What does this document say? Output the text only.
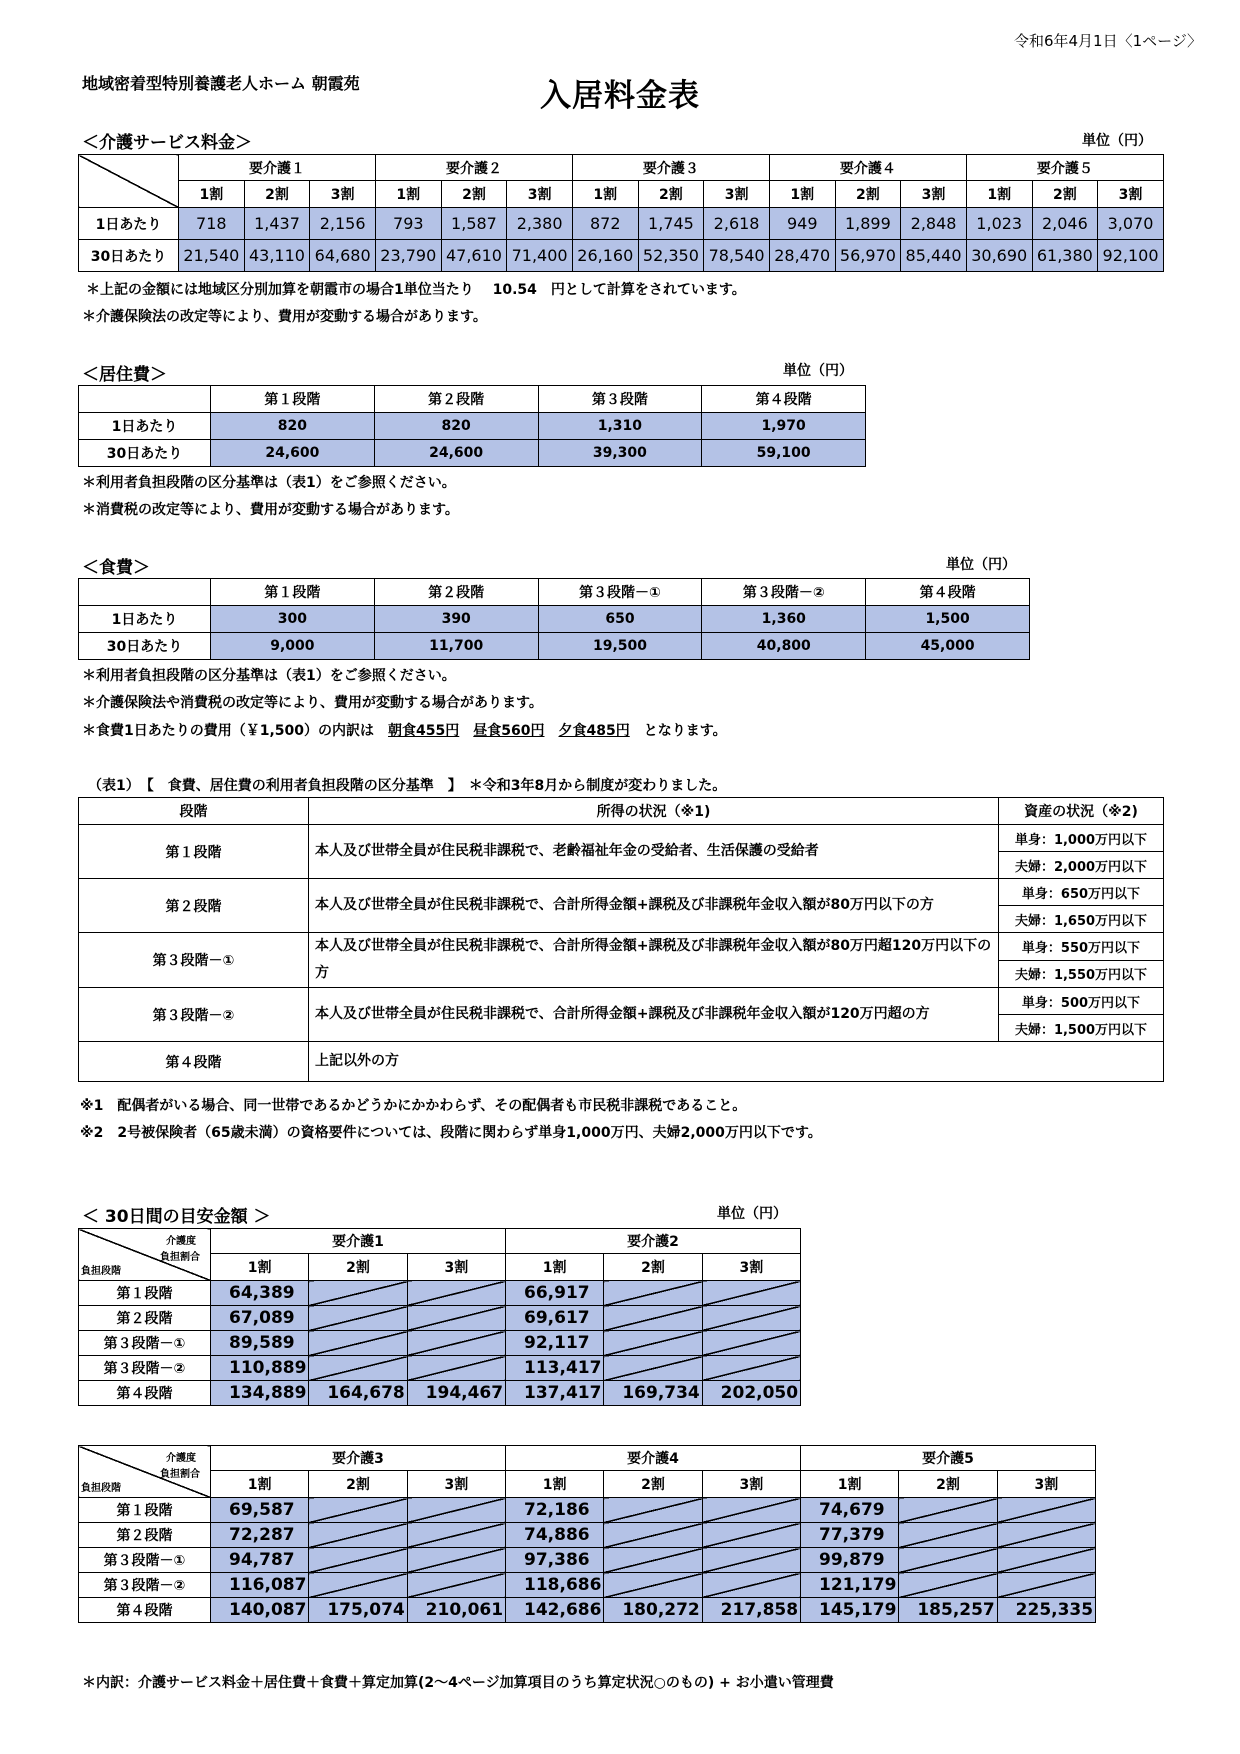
令和6年4月1日〈1ページ〉
地域密着型特別養護老人ホーム 朝霞苑	入居料金表
＜介護サービス料金＞	単位（円）
	要介護１			要介護２			要介護３			要介護４			要介護５		
	1割	2割	3割	1割	2割	3割	1割	2割	3割	1割	2割	3割	1割	2割	3割
1日あたり	718	1,437	2,156	793	1,587	2,380	872	1,745	2,618	949	1,899	2,848	1,023	2,046	3,070
30日あたり	21,540	43,110	64,680	23,790	47,610	71,400	26,160	52,350	78,540	28,470	56,970	85,440	30,690	61,380	92,100
＊上記の金額には地域区分別加算を朝霞市の場合1単位当たり　 10.54　円として計算をされています。
＊介護保険法の改定等により、費用が変動する場合があります。
＜居住費＞	単位（円）
	第１段階	第２段階	第３段階	第４段階
1日あたり	820	820	1,310	1,970
30日あたり	24,600	24,600	39,300	59,100
＊利用者負担段階の区分基準は（表1）をご参照ください。
＊消費税の改定等により、費用が変動する場合があります。
＜食費＞	単位（円）
	第１段階	第２段階	第３段階－①	第３段階－②	第４段階
1日あたり	300	390	650	1,360	1,500
30日あたり	9,000	11,700	19,500	40,800	45,000
＊利用者負担段階の区分基準は（表1）をご参照ください。
＊介護保険法や消費税の改定等により、費用が変動する場合があります。
＊食費1日あたりの費用（￥1,500）の内訳は　朝食455円　 昼食560円　 夕食485円　となります。
（表1）　【　食費、居住費の利用者負担段階の区分基準　】　＊令和3年8月から制度が変わりました。
段階	所得の状況（※1)	資産の状況（※2)
第１段階	本人及び世帯全員が住民税非課税で、老齢福祉年金の受給者、生活保護の受給者	単身：1,000万円以下
		夫婦：2,000万円以下
第２段階	本人及び世帯全員が住民税非課税で、合計所得金額+課税及び非課税年金収入額が80万円以下の方	単身：650万円以下
		夫婦：1,650万円以下
第３段階－①	本人及び世帯全員が住民税非課税で、合計所得金額+課税及び非課税年金収入額が80万円超120万円以下の方	単身：550万円以下
		夫婦：1,550万円以下
第３段階－②	本人及び世帯全員が住民税非課税で、合計所得金額+課税及び非課税年金収入額が120万円超の方	単身：500万円以下
		夫婦：1,500万円以下
第４段階	上記以外の方	
※1　配偶者がいる場合、同一世帯であるかどうかにかかわらず、その配偶者も市民税非課税であること。
※2　2号被保険者（65歳未満）の資格要件については、段階に関わらず単身1,000万円、夫婦2,000万円以下です。
＜ 30日間の目安金額 ＞	単位（円）
介護度
負担割合
負担段階	要介護1			要介護2		
	1割	2割	3割	1割	2割	3割
第１段階	64,389			66,917		
第２段階	67,089			69,617		
第３段階－①	89,589			92,117		
第３段階－②	110,889			113,417		
第４段階	134,889	164,678	194,467	137,417	169,734	202,050
介護度
負担割合
負担段階	要介護3			要介護4			要介護5		
	1割	2割	3割	1割	2割	3割	1割	2割	3割
第１段階	69,587			72,186			74,679		
第２段階	72,287			74,886			77,379		
第３段階－①	94,787			97,386			99,879		
第３段階－②	116,087			118,686			121,179		
第４段階	140,087	175,074	210,061	142,686	180,272	217,858	145,179	185,257	225,335
＊内訳：介護サービス料金＋居住費＋食費＋算定加算(2～4ページ加算項目のうち算定状況○のもの) + お小遣い管理費
